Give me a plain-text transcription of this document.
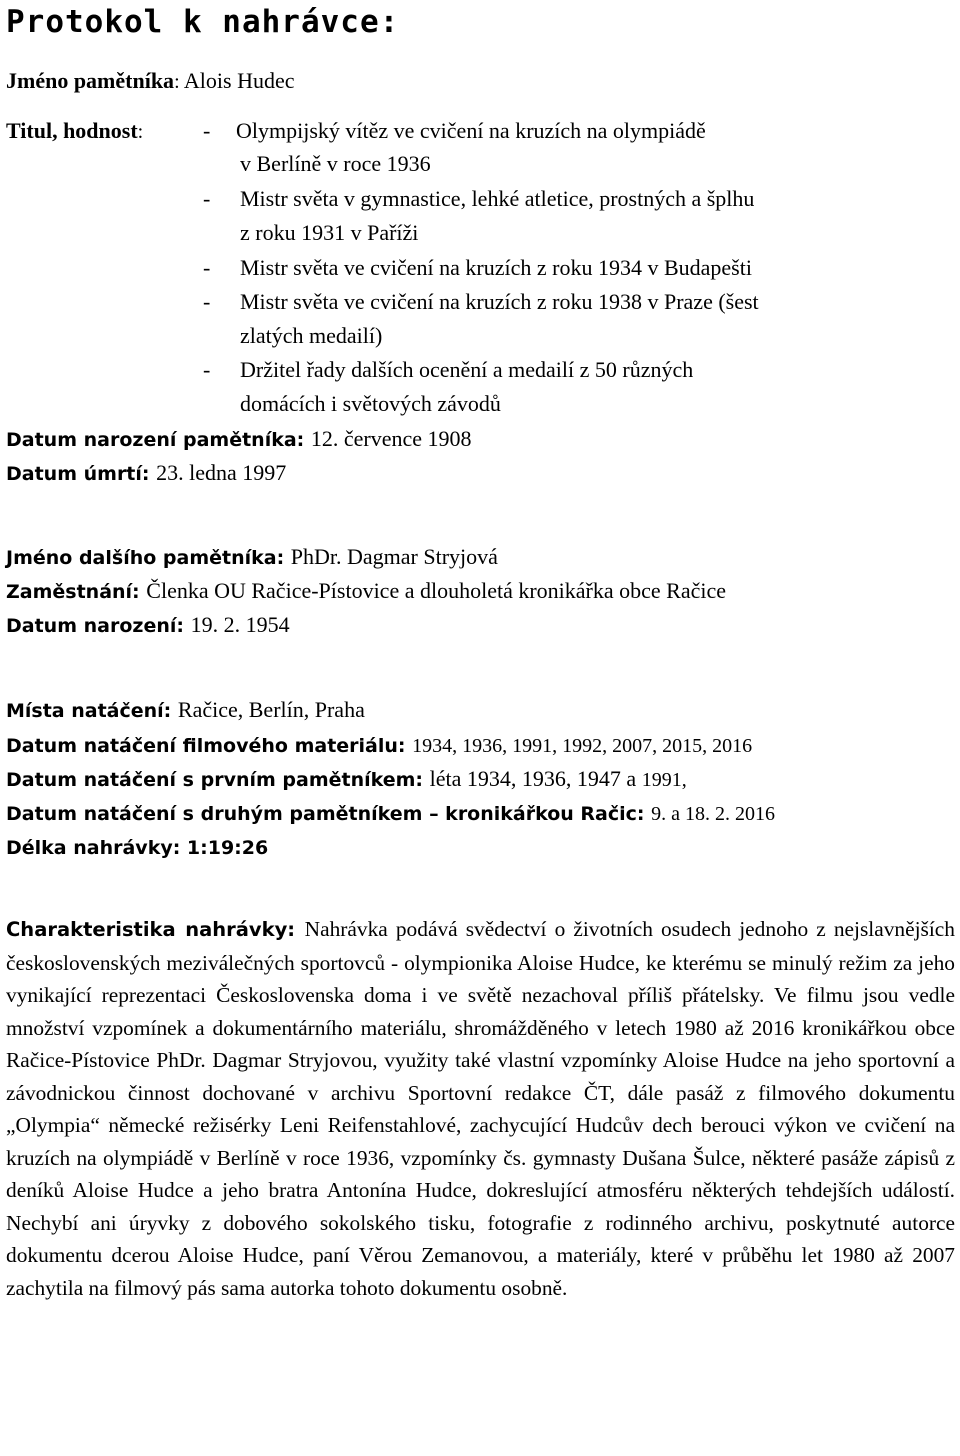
Protokol k nahrávce:
Jméno pamětníka: Alois Hudec
Titul, hodnost:	- Olympijský vítěz ve cvičení na kruzích na olympiádě
v Berlíně v roce 1936
- Mistr světa v gymnastice, lehké atletice, prostných a šplhu
z roku 1931 v Paříži
- Mistr světa ve cvičení na kruzích z roku 1934 v Budapešti
- Mistr světa ve cvičení na kruzích z roku 1938 v Praze (šest
zlatých medailí)
- Držitel řady dalších ocenění a medailí z 50 různých
domácích i světových závodů
Datum narození pamětníka: 12. července 1908
Datum úmrtí: 23. ledna 1997
Jméno dalšího pamětníka: PhDr. Dagmar Stryjová
Zaměstnání: Členka OU Račice-Pístovice a dlouholetá kronikářka obce Račice
Datum narození: 19. 2. 1954
Místa natáčení: Račice, Berlín, Praha
Datum natáčení filmového materiálu: 1934, 1936, 1991, 1992, 2007, 2015, 2016
Datum natáčení s prvním pamětníkem: léta 1934, 1936, 1947 a 1991,
Datum natáčení s druhým pamětníkem – kronikářkou Račic: 9. a 18. 2. 2016
Délka nahrávky: 1:19:26
Charakteristika nahrávky: Nahrávka podává svědectví o životních osudech jednoho z nejslavnějších československých meziválečných sportovců - olympionika Aloise Hudce, ke kterému se minulý režim za jeho vynikající reprezentaci Československa doma i ve světě nezachoval příliš přátelsky. Ve filmu jsou vedle množství vzpomínek a dokumentárního materiálu, shromážděného v letech 1980 až 2016 kronikářkou obce Račice-Pístovice PhDr. Dagmar Stryjovou, využity také vlastní vzpomínky Aloise Hudce na jeho sportovní a závodnickou činnost dochované v archivu Sportovní redakce ČT, dále pasáž z filmového dokumentu „Olympia“ německé režisérky Leni Reifenstahlové, zachycující Hudcův dech berouci výkon ve cvičení na kruzích na olympiádě v Berlíně v roce 1936, vzpomínky čs. gymnasty Dušana Šulce, některé pasáže zápisů z deníků Aloise Hudce a jeho bratra Antonína Hudce, dokreslující atmosféru některých tehdejších událostí. Nechybí ani úryvky z dobového sokolského tisku, fotografie z rodinného archivu, poskytnuté autorce dokumentu dcerou Aloise Hudce, paní Věrou Zemanovou, a materiály, které v průběhu let 1980 až 2007 zachytila na filmový pás sama autorka tohoto dokumentu osobně.
